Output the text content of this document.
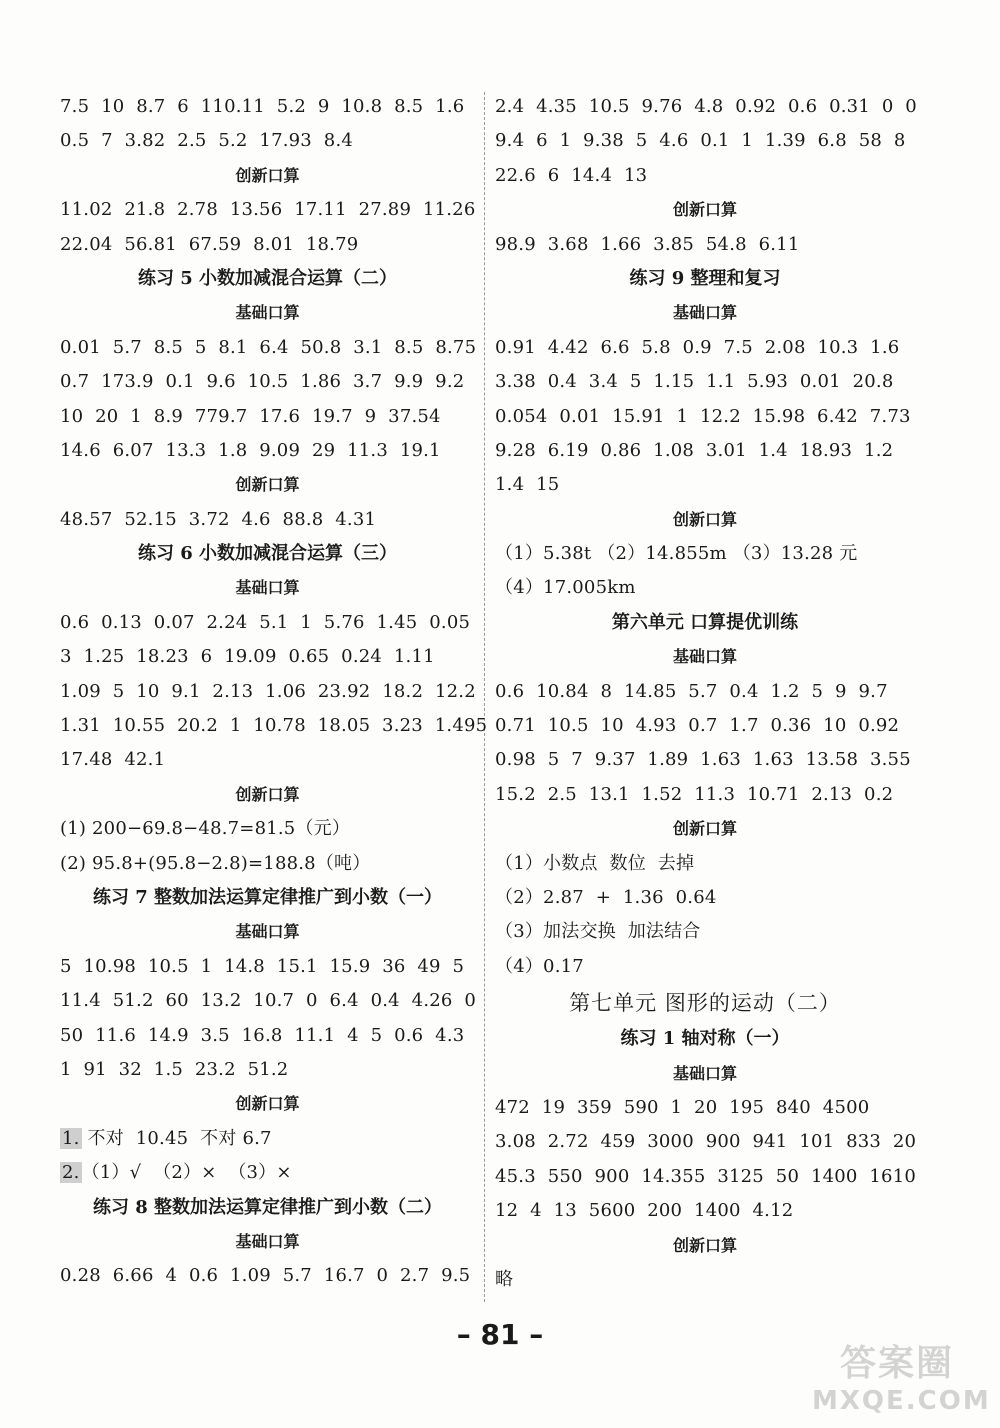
7.5  10  8.7  6  110.11  5.2  9  10.8  8.5  1.6
0.5  7  3.82  2.5  5.2  17.93  8.4
创新口算
11.02  21.8  2.78  13.56  17.11  27.89  11.26
22.04  56.81  67.59  8.01  18.79
练习 5 小数加减混合运算（二）
基础口算
0.01  5.7  8.5  5  8.1  6.4  50.8  3.1  8.5  8.75
0.7  173.9  0.1  9.6  10.5  1.86  3.7  9.9  9.2
10  20  1  8.9  779.7  17.6  19.7  9  37.54
14.6  6.07  13.3  1.8  9.09  29  11.3  19.1
创新口算
48.57  52.15  3.72  4.6  88.8  4.31
练习 6 小数加减混合运算（三）
基础口算
0.6  0.13  0.07  2.24  5.1  1  5.76  1.45  0.05
3  1.25  18.23  6  19.09  0.65  0.24  1.11
1.09  5  10  9.1  2.13  1.06  23.92  18.2  12.2
1.31  10.55  20.2  1  10.78  18.05  3.23  1.495
17.48  42.1
创新口算
(1) 200−69.8−48.7=81.5（元）
(2) 95.8+(95.8−2.8)=188.8（吨）
练习 7 整数加法运算定律推广到小数（一）
基础口算
5  10.98  10.5  1  14.8  15.1  15.9  36  49  5
11.4  51.2  60  13.2  10.7  0  6.4  0.4  4.26  0
50  11.6  14.9  3.5  16.8  11.1  4  5  0.6  4.3
1  91  32  1.5  23.2  51.2
创新口算
1. 不对  10.45  不对 6.7
2. （1）√  （2）×  （3）×
练习 8 整数加法运算定律推广到小数（二）
基础口算
0.28  6.66  4  0.6  1.09  5.7  16.7  0  2.7  9.5
2.4  4.35  10.5  9.76  4.8  0.92  0.6  0.31  0  0
9.4  6  1  9.38  5  4.6  0.1  1  1.39  6.8  58  8
22.6  6  14.4  13
创新口算
98.9  3.68  1.66  3.85  54.8  6.11
练习 9 整理和复习
基础口算
0.91  4.42  6.6  5.8  0.9  7.5  2.08  10.3  1.6
3.38  0.4  3.4  5  1.15  1.1  5.93  0.01  20.8
0.054  0.01  15.91  1  12.2  15.98  6.42  7.73
9.28  6.19  0.86  1.08  3.01  1.4  18.93  1.2
1.4  15
创新口算
（1）5.38t （2）14.855m （3）13.28 元
（4）17.005km
第六单元 口算提优训练
基础口算
0.6  10.84  8  14.85  5.7  0.4  1.2  5  9  9.7
0.71  10.5  10  4.93  0.7  1.7  0.36  10  0.92
0.98  5  7  9.37  1.89  1.63  1.63  13.58  3.55
15.2  2.5  13.1  1.52  11.3  10.71  2.13  0.2
创新口算
（1）小数点  数位  去掉
（2）2.87  +  1.36  0.64
（3）加法交换  加法结合
（4）0.17
第七单元 图形的运动（二）
练习 1 轴对称（一）
基础口算
472  19  359  590  1  20  195  840  4500
3.08  2.72  459  3000  900  941  101  833  20
45.3  550  900  14.355  3125  50  1400  1610
12  4  13  5600  200  1400  4.12
创新口算
略
– 81 –
答案圈
MXQE.COM
